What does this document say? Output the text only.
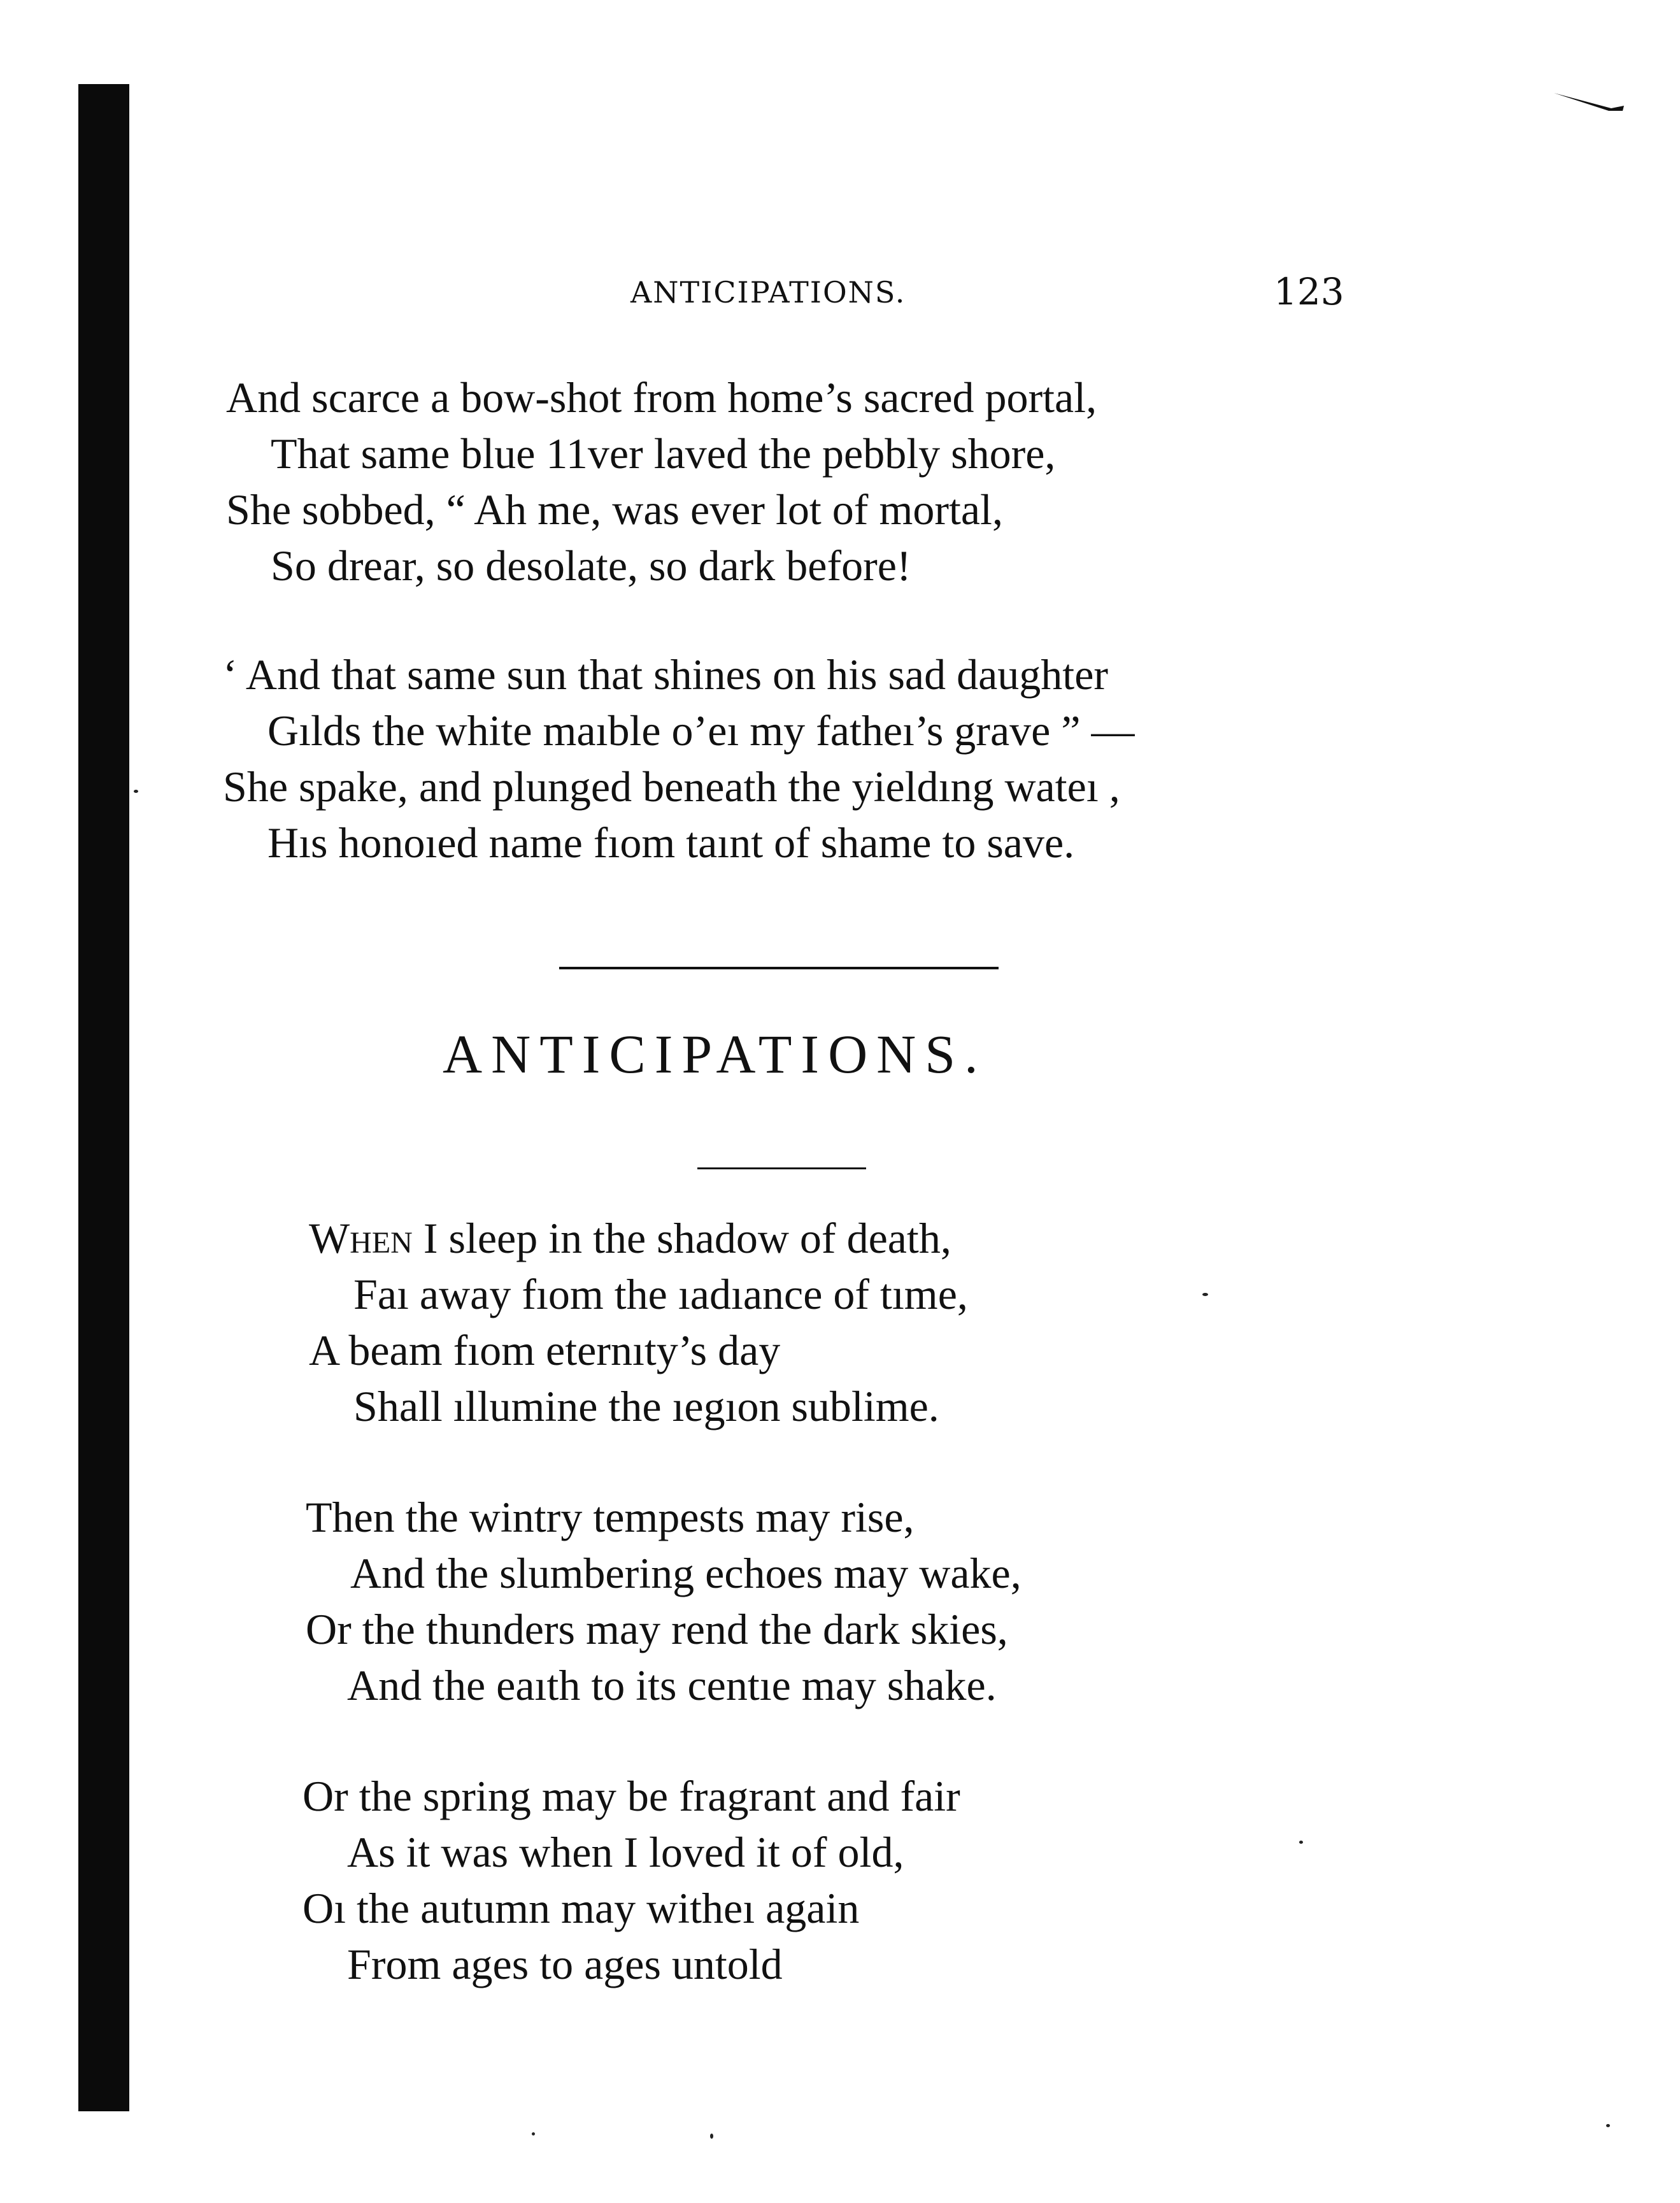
ANTICIPATIONS.	123
And scarce a bow-shot from home’s sacred portal,
That same blue 11ver laved the pebbly shore,
She sobbed, “ Ah me, was ever lot of mortal,
So drear, so desolate, so dark before!
‘ And that same sun that shines on his sad daughter
Gılds the white maıble o’eı my fatheı’s grave ” —
She spake, and plunged beneath the yieldıng wateı ,
Hıs honoıed name fıom taınt of shame to save.
ANTICIPATIONS.
When I sleep in the shadow of death,
Faı away fıom the ıadıance of tıme,
A beam fıom eternıty’s day
Shall ıllumine the ıegıon sublime.
Then the wintry tempests may rise,
And the slumbering echoes may wake,
Or the thunders may rend the dark skies,
And the eaıth to its centıe may shake.
Or the spring may be fragrant and fair
As it was when I loved it of old,
Oı the autumn may witheı again
From ages to ages untold
